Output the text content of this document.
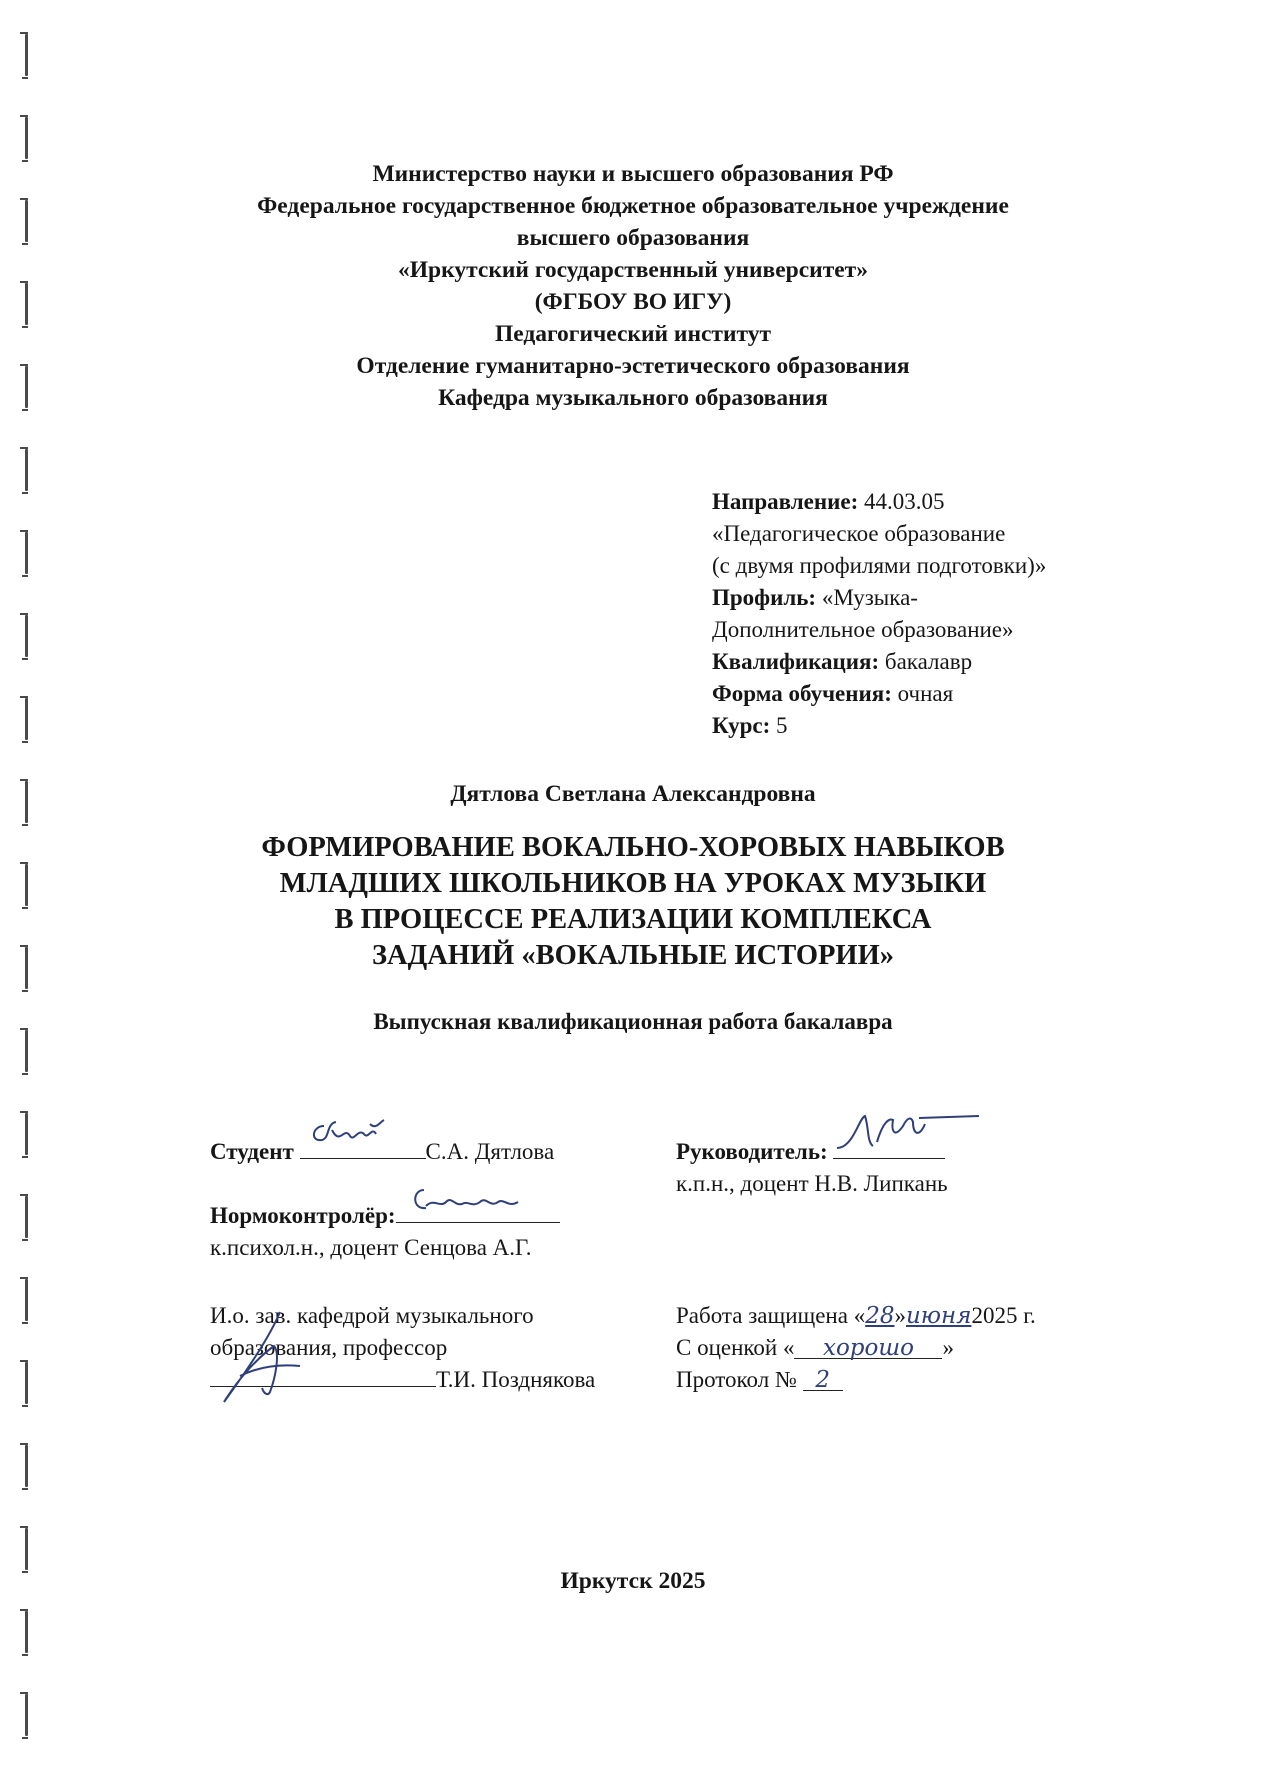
Министерство науки и высшего образования РФ
Федеральное государственное бюджетное образовательное учреждение
высшего образования
«Иркутский государственный университет»
(ФГБОУ ВО ИГУ)
Педагогический институт
Отделение гуманитарно-эстетического образования
Кафедра музыкального образования
Направление: 44.03.05
«Педагогическое образование
(с двумя профилями подготовки)»
Профиль: «Музыка-
Дополнительное образование»
Квалификация: бакалавр
Форма обучения: очная
Курс: 5
Дятлова Светлана Александровна
ФОРМИРОВАНИЕ ВОКАЛЬНО-ХОРОВЫХ НАВЫКОВ
МЛАДШИХ ШКОЛЬНИКОВ НА УРОКАХ МУЗЫКИ
В ПРОЦЕССЕ РЕАЛИЗАЦИИ КОМПЛЕКСА
ЗАДАНИЙ «ВОКАЛЬНЫЕ ИСТОРИИ»
Выпускная квалификационная работа бакалавра
Студент	С.А. Дятлова	Руководитель:
к.п.н., доцент Н.В. Липкань
Нормоконтролёр:
к.психол.н., доцент Сенцова А.Г.
И.о. зав. кафедрой музыкального
образования, профессор
Т.И. Позднякова
Работа защищена «28»июня2025 г.
С оценкой « хорошо »
Протокол № 2
Иркутск 2025
